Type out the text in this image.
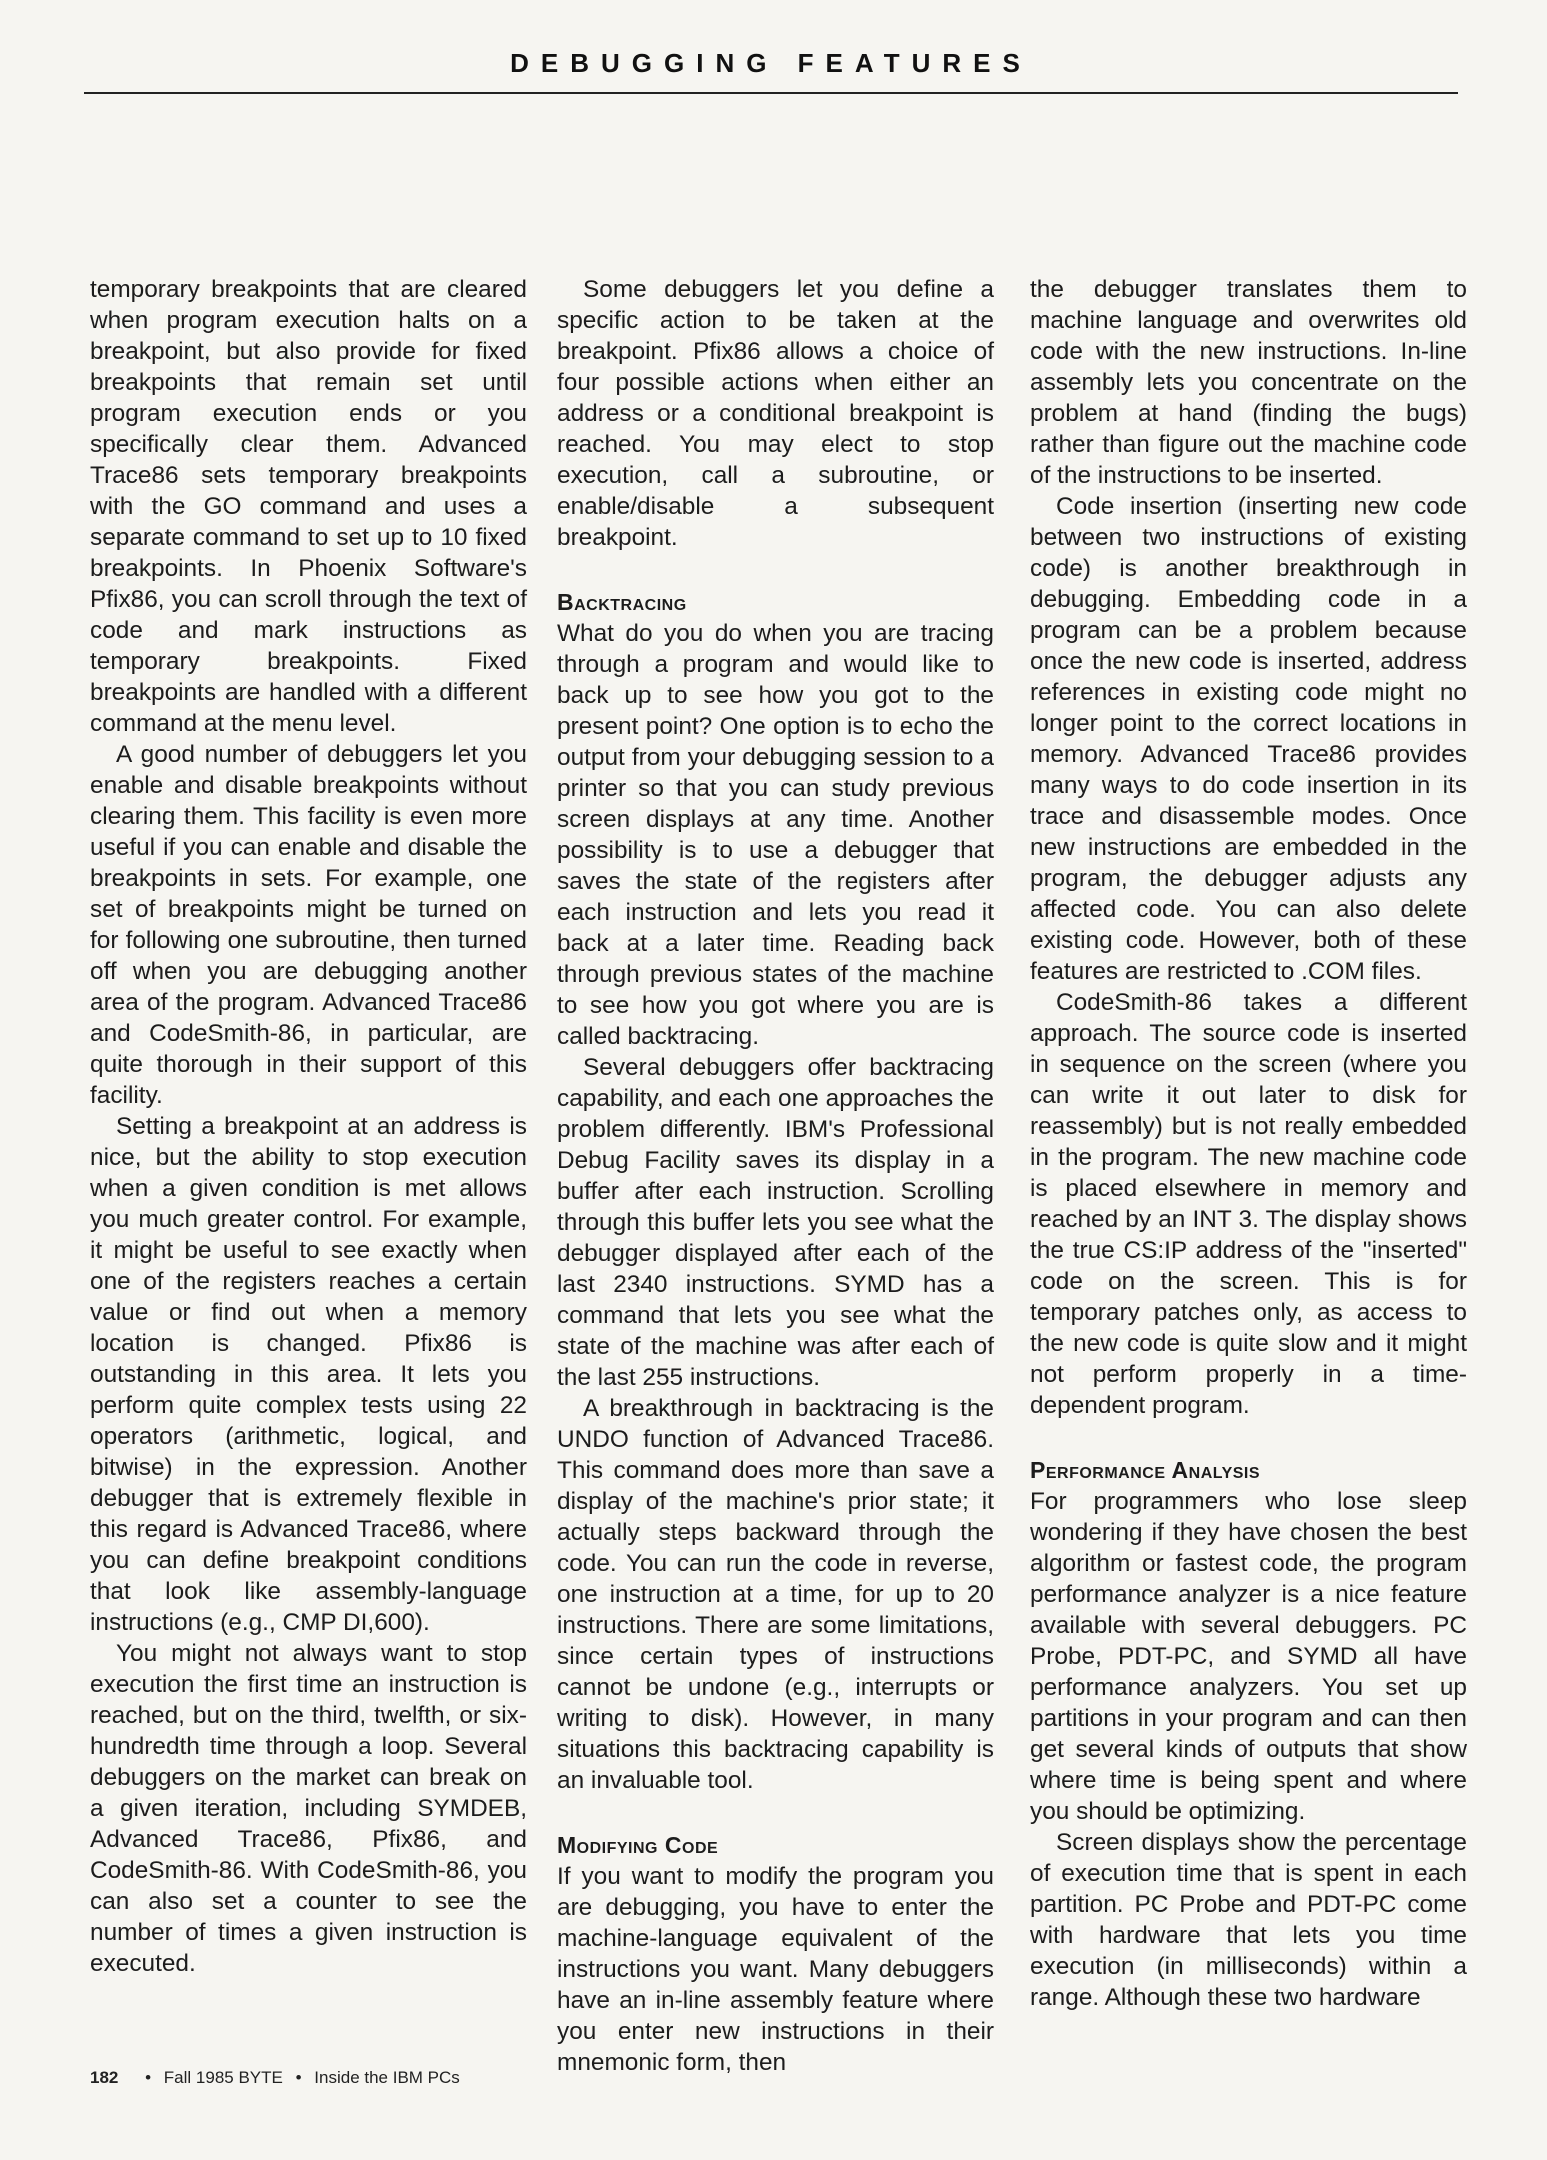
DEBUGGING FEATURES

temporary breakpoints that are cleared when program execution halts on a breakpoint, but also provide for fixed breakpoints that remain set until program execution ends or you specifically clear them. Advanced Trace86 sets temporary breakpoints with the GO command and uses a separate command to set up to 10 fixed breakpoints. In Phoenix Software's Pfix86, you can scroll through the text of code and mark instructions as temporary breakpoints. Fixed breakpoints are handled with a different command at the menu level.

A good number of debuggers let you enable and disable breakpoints without clearing them. This facility is even more useful if you can enable and disable the breakpoints in sets. For example, one set of breakpoints might be turned on for following one subroutine, then turned off when you are debugging another area of the program. Advanced Trace86 and CodeSmith-86, in particular, are quite thorough in their support of this facility.

Setting a breakpoint at an address is nice, but the ability to stop execution when a given condition is met allows you much greater control. For example, it might be useful to see exactly when one of the registers reaches a certain value or find out when a memory location is changed. Pfix86 is outstanding in this area. It lets you perform quite complex tests using 22 operators (arithmetic, logical, and bitwise) in the expression. Another debugger that is extremely flexible in this regard is Advanced Trace86, where you can define breakpoint conditions that look like assembly-language instructions (e.g., CMP DI,600).

You might not always want to stop execution the first time an instruction is reached, but on the third, twelfth, or six-hundredth time through a loop. Several debuggers on the market can break on a given iteration, including SYMDEB, Advanced Trace86, Pfix86, and CodeSmith-86. With CodeSmith-86, you can also set a counter to see the number of times a given instruction is executed.

Some debuggers let you define a specific action to be taken at the breakpoint. Pfix86 allows a choice of four possible actions when either an address or a conditional breakpoint is reached. You may elect to stop execution, call a subroutine, or enable/disable a subsequent breakpoint.

Backtracing

What do you do when you are tracing through a program and would like to back up to see how you got to the present point? One option is to echo the output from your debugging session to a printer so that you can study previous screen displays at any time. Another possibility is to use a debugger that saves the state of the registers after each instruction and lets you read it back at a later time. Reading back through previous states of the machine to see how you got where you are is called backtracing.

Several debuggers offer backtracing capability, and each one approaches the problem differently. IBM's Professional Debug Facility saves its display in a buffer after each instruction. Scrolling through this buffer lets you see what the debugger displayed after each of the last 2340 instructions. SYMD has a command that lets you see what the state of the machine was after each of the last 255 instructions.

A breakthrough in backtracing is the UNDO function of Advanced Trace86. This command does more than save a display of the machine's prior state; it actually steps backward through the code. You can run the code in reverse, one instruction at a time, for up to 20 instructions. There are some limitations, since certain types of instructions cannot be undone (e.g., interrupts or writing to disk). However, in many situations this backtracing capability is an invaluable tool.

Modifying Code

If you want to modify the program you are debugging, you have to enter the machine-language equivalent of the instructions you want. Many debuggers have an in-line assembly feature where you enter new instructions in their mnemonic form, then

the debugger translates them to machine language and overwrites old code with the new instructions. In-line assembly lets you concentrate on the problem at hand (finding the bugs) rather than figure out the machine code of the instructions to be inserted.

Code insertion (inserting new code between two instructions of existing code) is another breakthrough in debugging. Embedding code in a program can be a problem because once the new code is inserted, address references in existing code might no longer point to the correct locations in memory. Advanced Trace86 provides many ways to do code insertion in its trace and disassemble modes. Once new instructions are embedded in the program, the debugger adjusts any affected code. You can also delete existing code. However, both of these features are restricted to .COM files.

CodeSmith-86 takes a different approach. The source code is inserted in sequence on the screen (where you can write it out later to disk for reassembly) but is not really embedded in the program. The new machine code is placed elsewhere in memory and reached by an INT 3. The display shows the true CS:IP address of the "inserted" code on the screen. This is for temporary patches only, as access to the new code is quite slow and it might not perform properly in a time-dependent program.

Performance Analysis

For programmers who lose sleep wondering if they have chosen the best algorithm or fastest code, the program performance analyzer is a nice feature available with several debuggers. PC Probe, PDT-PC, and SYMD all have performance analyzers. You set up partitions in your program and can then get several kinds of outputs that show where time is being spent and where you should be optimizing.

Screen displays show the percentage of execution time that is spent in each partition. PC Probe and PDT-PC come with hardware that lets you time execution (in milliseconds) within a range. Although these two hardware

182 • Fall 1985 BYTE • Inside the IBM PCs
